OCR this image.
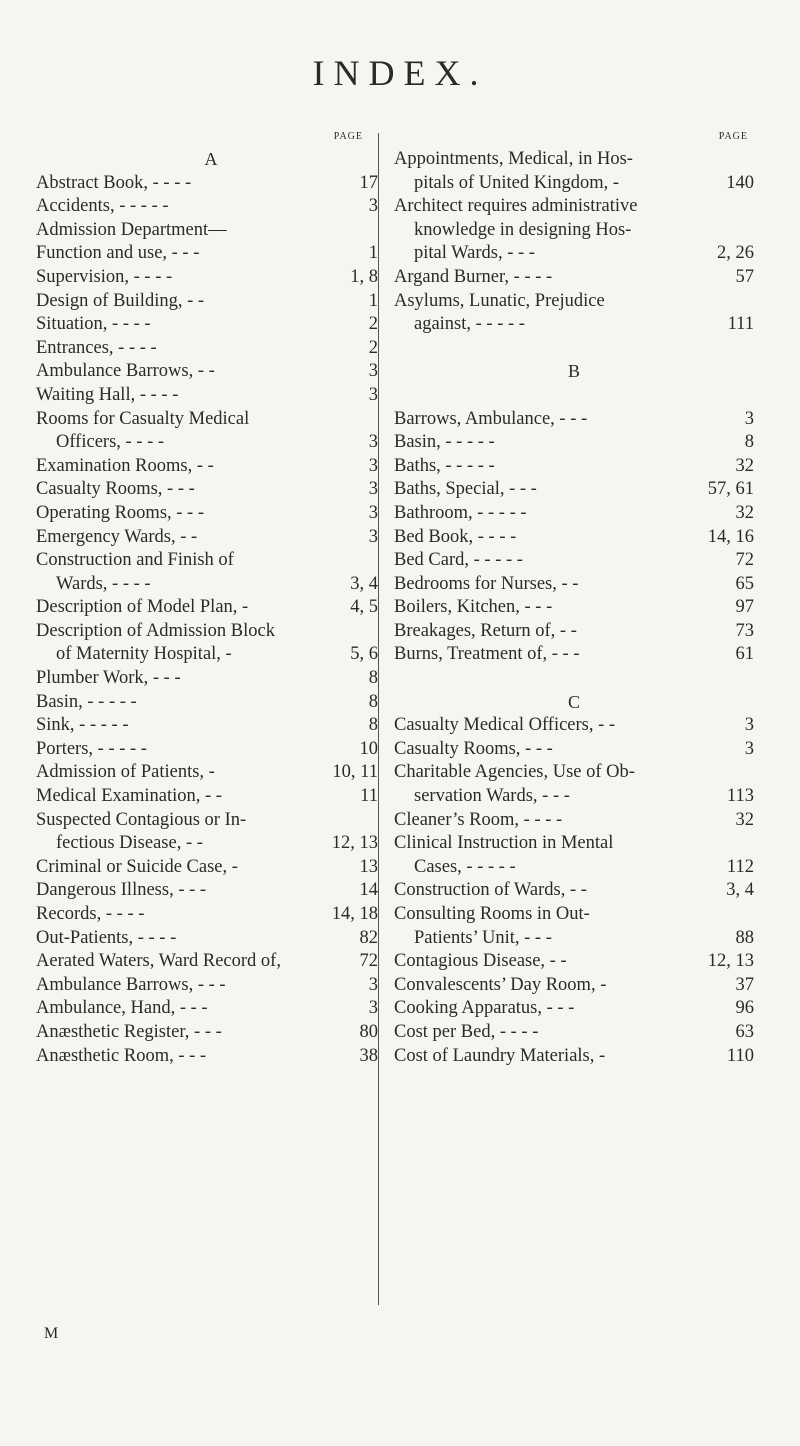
INDEX.
PAGE
A
Abstract Book, - - - -	17
Accidents, - - - - -	3
Admission Department—
Function and use, - - -	1
Supervision, - - - -	1, 8
Design of Building, - -	1
Situation, - - - -	2
Entrances, - - - -	2
Ambulance Barrows, - -	3
Waiting Hall, - - - -	3
Rooms for Casualty Medical
Officers, - - - -	3
Examination Rooms, - -	3
Casualty Rooms, - - -	3
Operating Rooms, - - -	3
Emergency Wards, - -	3
Construction and Finish of
Wards, - - - -	3, 4
Description of Model Plan, -	4, 5
Description of Admission Block
of Maternity Hospital, -	5, 6
Plumber Work, - - -	8
Basin, - - - - -	8
Sink, - - - - -	8
Porters, - - - - -	10
Admission of Patients, -	10, 11
Medical Examination, - -	11
Suspected Contagious or In-
fectious Disease, - -	12, 13
Criminal or Suicide Case, -	13
Dangerous Illness, - - -	14
Records, - - - -	14, 18
Out-Patients, - - - -	82
Aerated Waters, Ward Record of,	72
Ambulance Barrows, - - -	3
Ambulance, Hand, - - -	3
Anæsthetic Register, - - -	80
Anæsthetic Room, - - -	38
PAGE
Appointments, Medical, in Hos-
pitals of United Kingdom, -	140
Architect requires administrative
knowledge in designing Hos-
pital Wards, - - -	2, 26
Argand Burner, - - - -	57
Asylums, Lunatic, Prejudice
against, - - - - -	111
B
Barrows, Ambulance, - - -	3
Basin, - - - - -	8
Baths, - - - - -	32
Baths, Special, - - -	57, 61
Bathroom, - - - - -	32
Bed Book, - - - -	14, 16
Bed Card, - - - - -	72
Bedrooms for Nurses, - -	65
Boilers, Kitchen, - - -	97
Breakages, Return of, - -	73
Burns, Treatment of, - - -	61
C
Casualty Medical Officers, - -	3
Casualty Rooms, - - -	3
Charitable Agencies, Use of Ob-
servation Wards, - - -	113
Cleaner’s Room, - - - -	32
Clinical Instruction in Mental
Cases, - - - - -	112
Construction of Wards, - -	3, 4
Consulting Rooms in Out-
Patients’ Unit, - - -	88
Contagious Disease, - -	12, 13
Convalescents’ Day Room, -	37
Cooking Apparatus, - - -	96
Cost per Bed, - - - -	63
Cost of Laundry Materials, -	110
M
